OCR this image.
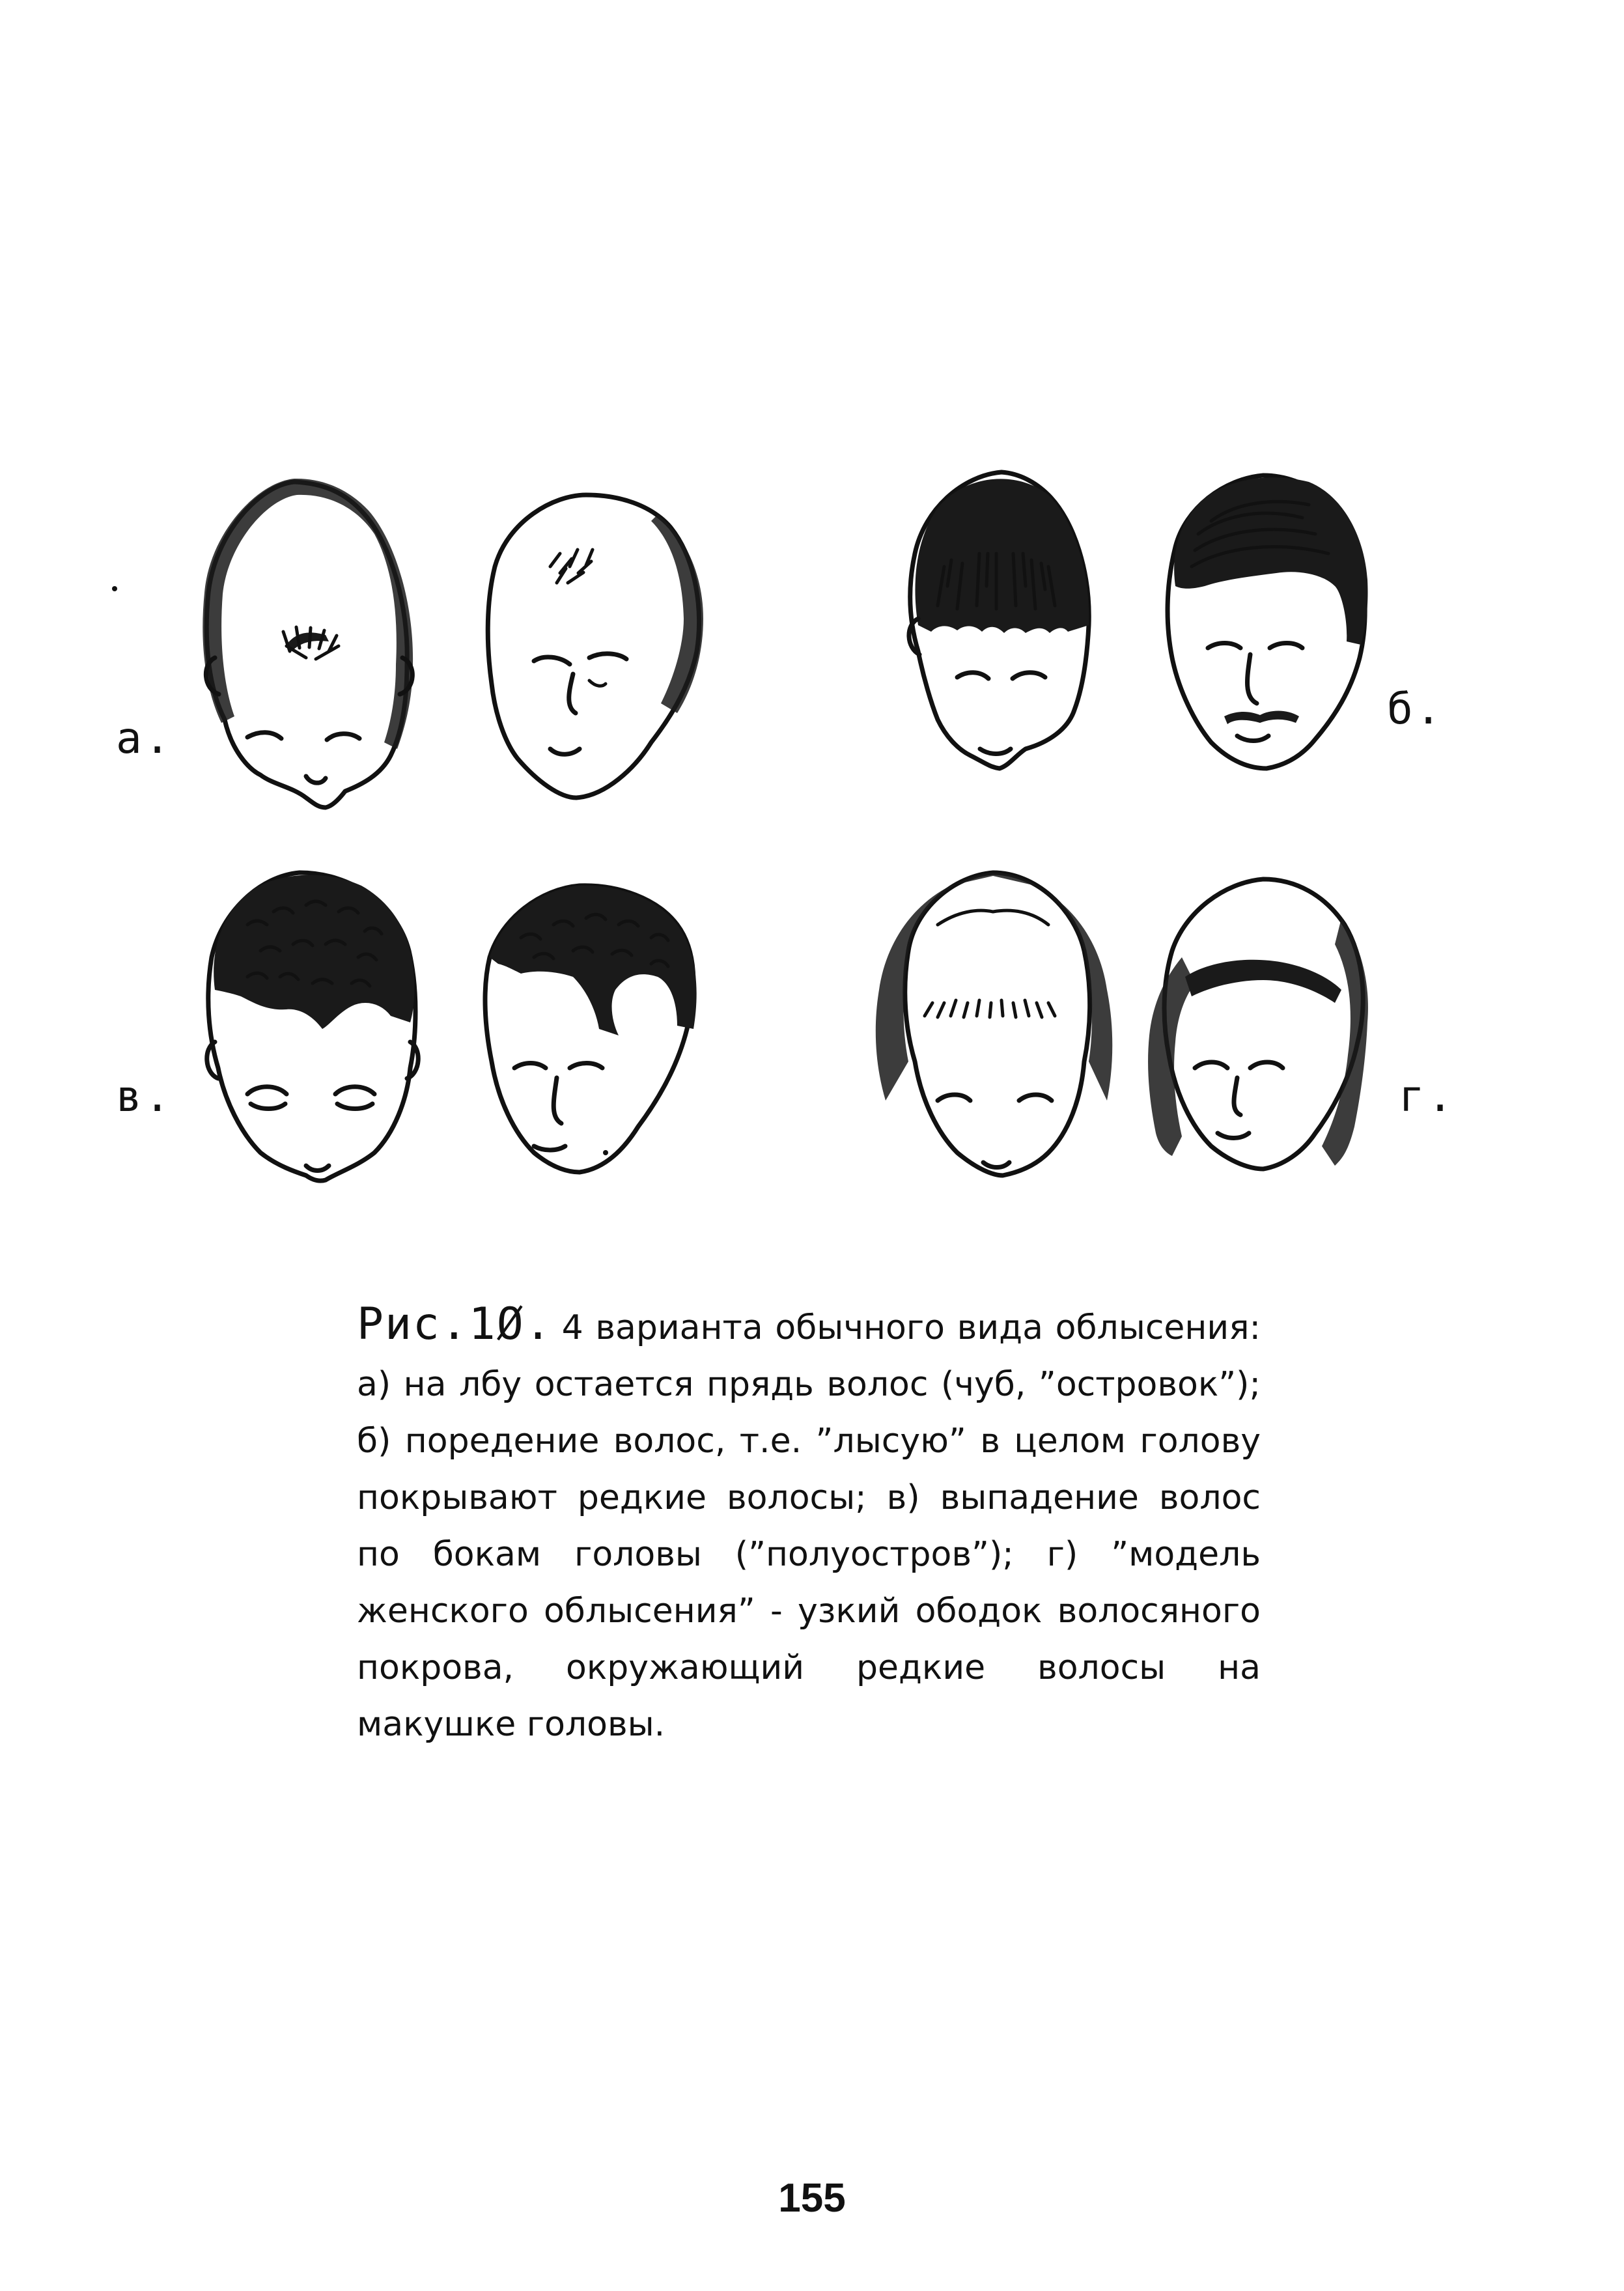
а.
б.
в.	г.
Рис.1Ø. 4 варианта обычного вида облысения: а) на лбу остается прядь волос (чуб, ”островок”); б) поредение волос, т.е. ”лысую” в целом голову покрывают редкие волосы; в) выпадение волос по бокам головы (”полуостров”); г) ”модель женского облысения” - узкий ободок волосяного покрова, окружающий редкие волосы на макушке головы.
155
